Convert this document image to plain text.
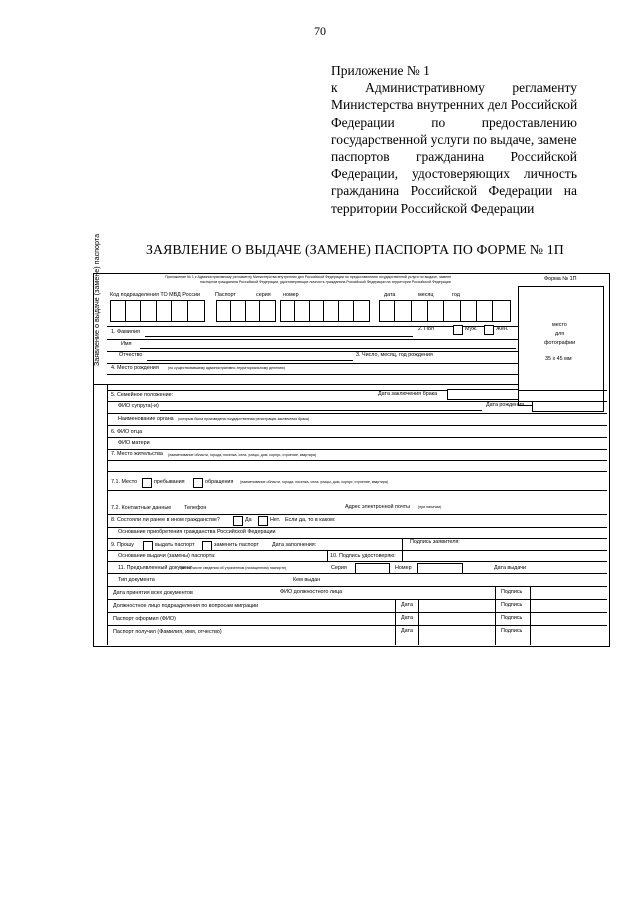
70
Приложение № 1
к Административному регламенту
Министерства внутренних дел Российской
Федерации	по	предоставлению
государственной услуги по выдаче, замене
паспортов гражданина Российской
Федерации, удостоверяющих личность
гражданина Российской Федерации на
территории Российской Федерации
ЗАЯВЛЕНИЕ О ВЫДАЧЕ (ЗАМЕНЕ) ПАСПОРТА ПО ФОРМЕ № 1П
Приложение № 1 к Административному регламенту Министерства внутренних дел Российской Федерации по предоставлению государственной услуги по выдаче, замене
паспортов гражданина Российской Федерации, удостоверяющих личность гражданина Российской Федерации на территории Российской Федерации	Форма № 1П
Код подразделения ТО МВД России	Паспорт	серия номер	дата	месяц	год
место
для
фотографии
35 х 45 мм
1. Фамилия	2. Пол	Муж.	Жен.
Имя
Отчество	3. Число, месяц, год рождения
4. Место рождения	(по существовавшему административно-территориальному делению)
5. Семейное положение:	Дата заключения брака
ФИО супруга(-и)	Дата рождения
Наименование органа (которым была произведена государственная регистрация заключения брака)
6. ФИО отца
ФИО матери
7. Место жительства (наименование области, города, поселка, села, улицы, дом, корпус, строение, квартира)
7.1. Место	пребывания	обращения (наименование области, города, поселка, села, улицы, дом, корпус, строение, квартира)
7.2. Контактные данные Телефон	Адрес электронной почты (при наличии)
8. Состояли ли ранее в ином гражданстве?	Да	Нет. Если да, то в каком:
Основание приобретения гражданства Российской Федерации
9. Прошу	выдать паспорт	заменить паспорт Дата заполнения:	Подпись заявителя:
Основание выдачи (замены) паспорта:	10. Подпись удостоверяю:
11. Предъявленный документ
(в том числе сведения об утраченном (похищенном) паспорте)	Серия	Номер	Дата выдачи
Тип документа	Кем выдан
Дата принятия всех документов	ФИО должностного лица	Подпись
Должностное лицо подразделения по вопросам миграции	Дата	Подпись
Паспорт оформил (ФИО)	Дата	Подпись
Паспорт получил (Фамилия, имя, отчество)	Дата	Подпись
Заявление о выдаче (замене) паспорта
